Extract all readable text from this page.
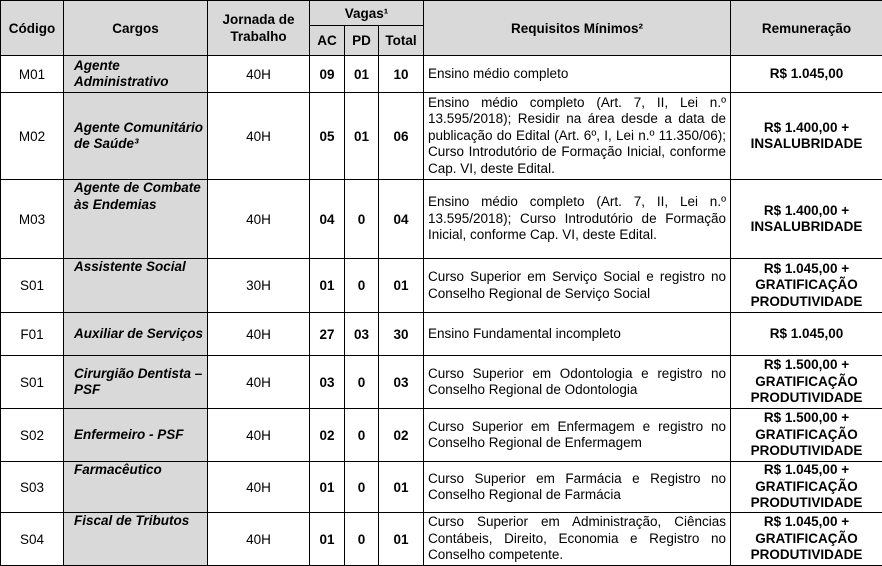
Código	Cargos	Jornada de Trabalho	Vagas¹			Requisitos Mínimos²	Remuneração
			AC	PD	Total		
M01	Agente Administrativo	40H	09	01	10	Ensino médio completo	R$ 1.045,00
M02	Agente Comunitário de Saúde³	40H	05	01	06	Ensino médio completo (Art. 7, II, Lei n.º 13.595/2018); Residir na área desde a data de publicação do Edital (Art. 6º, I, Lei n.º 11.350/06); Curso Introdutório de Formação Inicial, conforme Cap. VI, deste Edital.	R$ 1.400,00 + INSALUBRIDADE
M03	Agente de Combate às Endemias	40H	04	0	04	Ensino médio completo (Art. 7, II, Lei n.º 13.595/2018); Curso Introdutório de Formação Inicial, conforme Cap. VI, deste Edital.	R$ 1.400,00 + INSALUBRIDADE
S01	Assistente Social	30H	01	0	01	Curso Superior em Serviço Social e registro no Conselho Regional de Serviço Social	R$ 1.045,00 + GRATIFICAÇÃO PRODUTIVIDADE
F01	Auxiliar de Serviços	40H	27	03	30	Ensino Fundamental incompleto	R$ 1.045,00
S01	Cirurgião Dentista – PSF	40H	03	0	03	Curso Superior em Odontologia e registro no Conselho Regional de Odontologia	R$ 1.500,00 + GRATIFICAÇÃO PRODUTIVIDADE
S02	Enfermeiro - PSF	40H	02	0	02	Curso Superior em Enfermagem e registro no Conselho Regional de Enfermagem	R$ 1.500,00 + GRATIFICAÇÃO PRODUTIVIDADE
S03	Farmacêutico	40H	01	0	01	Curso Superior em Farmácia e Registro no Conselho Regional de Farmácia	R$ 1.045,00 + GRATIFICAÇÃO PRODUTIVIDADE
S04	Fiscal de Tributos	40H	01	0	01	Curso Superior em Administração, Ciências Contábeis, Direito, Economia e Registro no Conselho competente.	R$ 1.045,00 + GRATIFICAÇÃO PRODUTIVIDADE
